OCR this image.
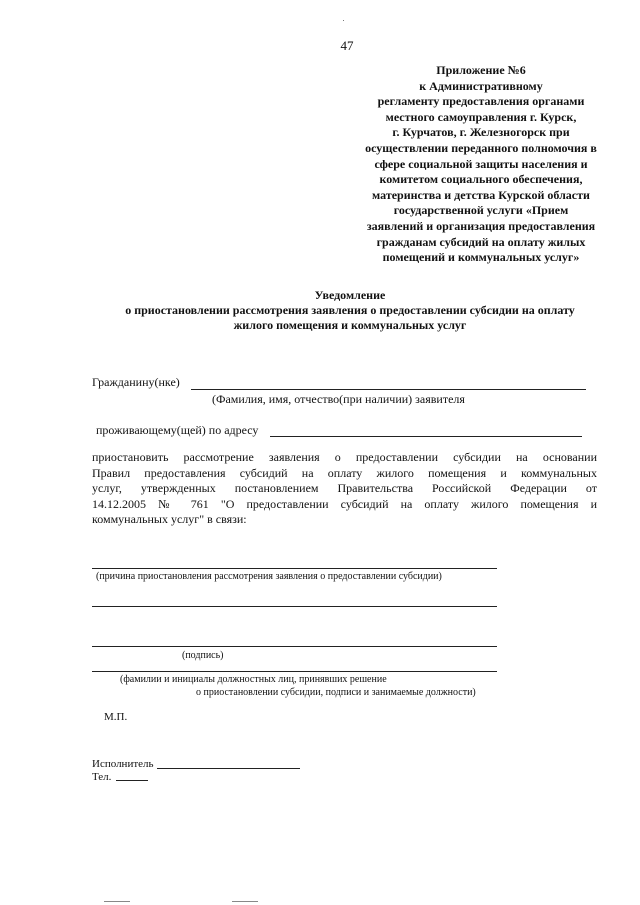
47
Приложение №6
к Административному
регламенту предоставления органами
местного самоуправления г. Курск,
г. Курчатов, г. Железногорск при
осуществлении переданного полномочия в
сфере социальной защиты населения и
комитетом социального обеспечения,
материнства и детства Курской области
государственной услуги «Прием
заявлений и организация предоставления
гражданам субсидий на оплату жилых
помещений и коммунальных услуг»
Уведомление
о приостановлении рассмотрения заявления о предоставлении субсидии на оплату
жилого помещения и коммунальных услуг
Гражданину(нке)
(Фамилия, имя, отчество(при наличии) заявителя
проживающему(щей) по адресу
приостановить рассмотрение заявления о предоставлении субсидии на основании
Правил предоставления субсидий на оплату жилого помещения и коммунальных
услуг, утвержденных постановлением Правительства Российской Федерации от
14.12.2005 № 761 "О предоставлении субсидий на оплату жилого помещения и
коммунальных услуг" в связи:
(причина приостановления рассмотрения заявления о предоставлении субсидии)
(подпись)
(фамилии и инициалы должностных лиц, принявших решение
о приостановлении субсидии, подписи и занимаемые должности)
М.П.
Исполнитель
Тел.
